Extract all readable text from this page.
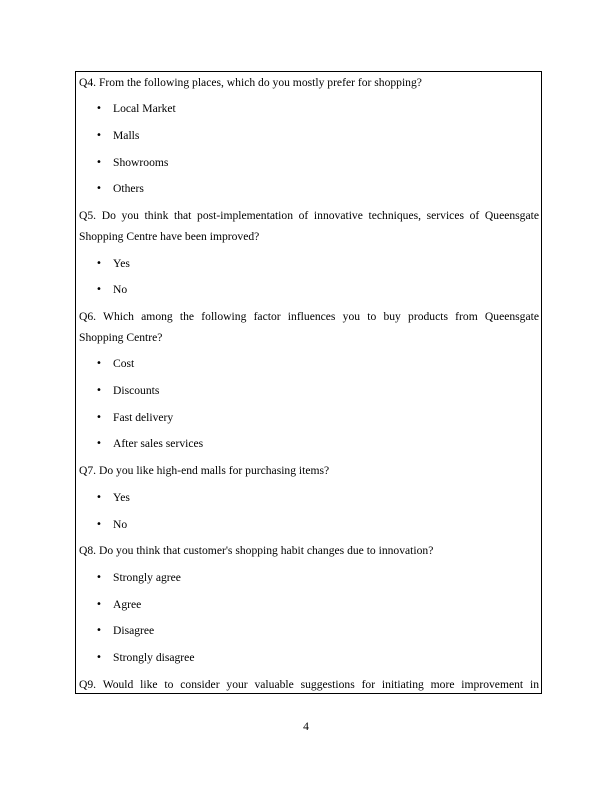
Q4. From the following places, which do you mostly prefer for shopping?
• Local Market
• Malls
• Showrooms
• Others
Q5. Do you think that post-implementation of innovative techniques, services of Queensgate
Shopping Centre have been improved?
• Yes
• No
Q6. Which among the following factor influences you to buy products from Queensgate
Shopping Centre?
• Cost
• Discounts
• Fast delivery
• After sales services
Q7. Do you like high-end malls for purchasing items?
• Yes
• No
Q8. Do you think that customer's shopping habit changes due to innovation?
• Strongly agree
• Agree
• Disagree
• Strongly disagree
Q9. Would like to consider your valuable suggestions for initiating more improvement in
4
